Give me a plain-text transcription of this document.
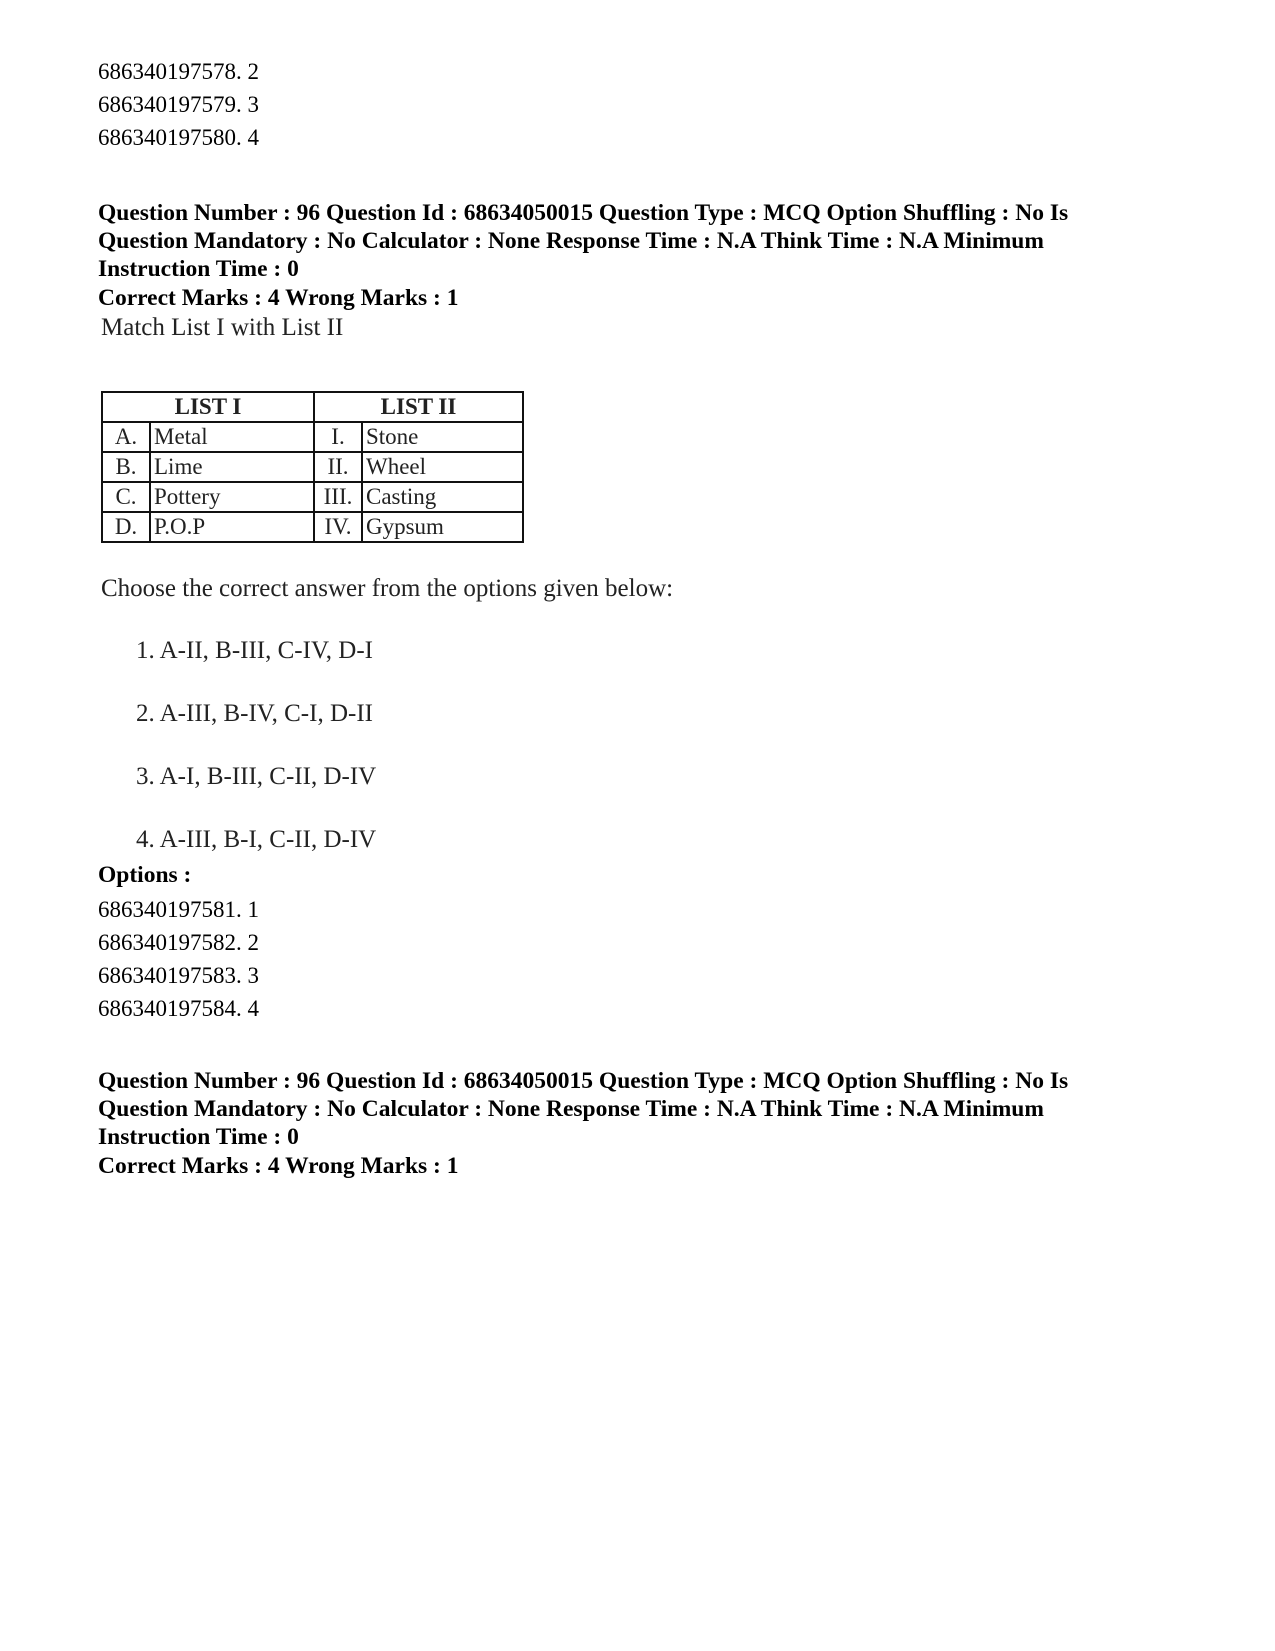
686340197578. 2
686340197579. 3
686340197580. 4
Question Number : 96 Question Id : 68634050015 Question Type : MCQ Option Shuffling : No Is
Question Mandatory : No Calculator : None Response Time : N.A Think Time : N.A Minimum
Instruction Time : 0
Correct Marks : 4 Wrong Marks : 1
Match List I with List II
LIST I		LIST II	
A.	Metal	I.	Stone
B.	Lime	II.	Wheel
C.	Pottery	III.	Casting
D.	P.O.P	IV.	Gypsum
Choose the correct answer from the options given below:
1. A-II, B-III, C-IV, D-I
2. A-III, B-IV, C-I, D-II
3. A-I, B-III, C-II, D-IV
4. A-III, B-I, C-II, D-IV
Options :
686340197581. 1
686340197582. 2
686340197583. 3
686340197584. 4
Question Number : 96 Question Id : 68634050015 Question Type : MCQ Option Shuffling : No Is
Question Mandatory : No Calculator : None Response Time : N.A Think Time : N.A Minimum
Instruction Time : 0
Correct Marks : 4 Wrong Marks : 1
